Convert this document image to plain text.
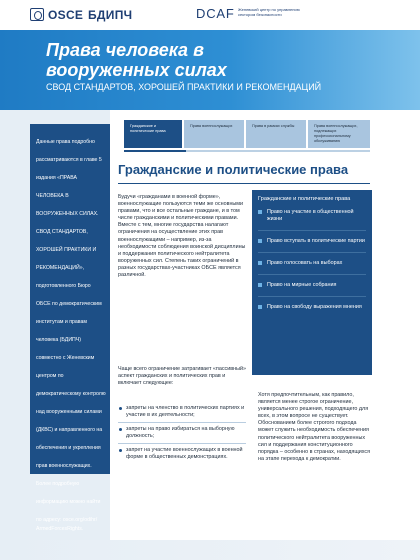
OSCE БДИПЧ	DCAF Женевский центр по управлению сектором безопасности
Права человека в вооруженных силах
СВОД СТАНДАРТОВ, ХОРОШЕЙ ПРАКТИКИ И РЕКОМЕНДАЦИЙ
Данные права подробно рассматриваются в главе 5 издания «ПРАВА ЧЕЛОВЕКА В ВООРУЖЕННЫХ СИЛАХ. СВОД СТАНДАРТОВ, ХОРОШЕЙ ПРАКТИКИ И РЕКОМЕНДАЦИЙ», подготовленного Бюро ОБСЕ по демократическим институтам и правам человека (БДИПЧ) совместно с Женевским центром по демократическому контролю над вооруженными силами (ДКВС) и направленного на обеспечения и укрепления прав военнослужащих. Более подробную информацию можно найти по адресу: osce.org/odihr/
ArmedForcesRights.
Гражданские и политические права
Права военнослужащих	Права в рамках службы	Права военнослужащих, подлежащих профессиональному обслуживанию
Гражданские и политические права
Будучи «гражданами в военной форме», военнослужащие пользуются теми же основными правами, что и все остальные граждане, и в том числе гражданскими и политическими правами. Вместе с тем, многие государства налагают ограничения на осуществление этих прав военнослужащими – например, из-за необходимости соблюдения воинской дисциплины и поддержания политического нейтралитета вооруженных сил. Степень таких ограничений в разных государствах-участниках ОБСЕ является различной.
Чаще всего ограничение затрагивает «пассивный» аспект гражданских и политических прав и включает следующее:
запреты на членство в политических партиях и участие в их деятельности;
запреты на право избираться на выборную должность;
запрет на участие военнослужащих в военной форме в общественных демонстрациях.
Гражданские и политические права
Право на участие в общественной жизни
Право вступать в политические партии
Право голосовать на выборах
Право на мирные собрания
Право на свободу выражения мнения
Хотя предпочтительным, как правило, является менее строгое ограничение, универсального решения, подходящего для всех, в этом вопросе не существует. Обоснованием более строгого подхода может служить необходимость обеспечения политического нейтралитета вооруженных сил и поддержания конституционного порядка – особенно в странах, находящихся на этапе перехода к демократии.
